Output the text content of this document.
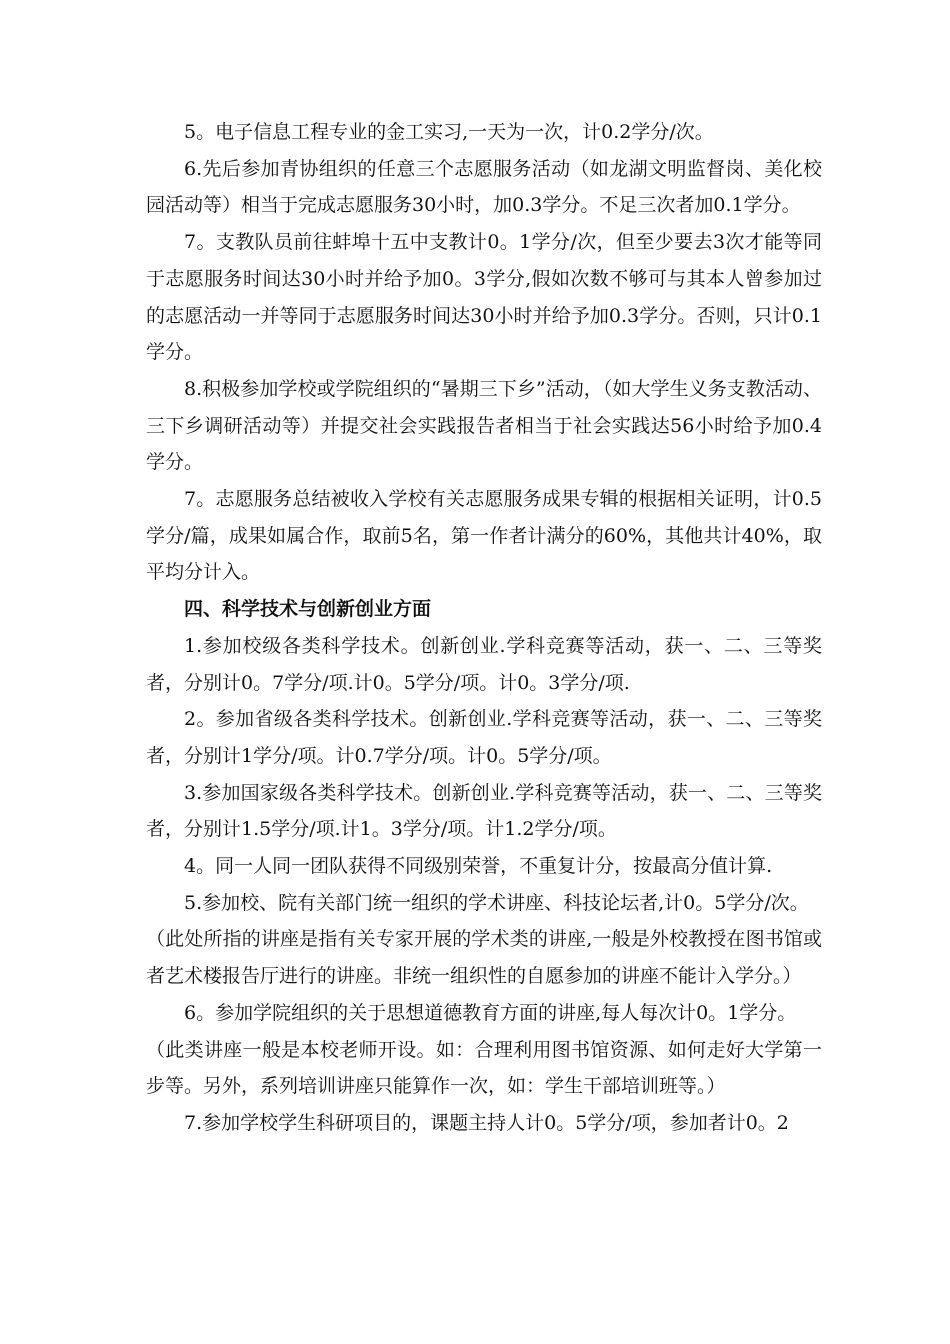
5。电子信息工程专业的金工实习,一天为一次，计0.2学分/次。

6.先后参加青协组织的任意三个志愿服务活动（如龙湖文明监督岗、美化校园活动等）相当于完成志愿服务30小时，加0.3学分。不足三次者加0.1学分。

7。支教队员前往蚌埠十五中支教计0。1学分/次，但至少要去3次才能等同于志愿服务时间达30小时并给予加0。3学分,假如次数不够可与其本人曾参加过的志愿活动一并等同于志愿服务时间达30小时并给予加0.3学分。否则，只计0.1学分。

8.积极参加学校或学院组织的“暑期三下乡”活动，（如大学生义务支教活动、三下乡调研活动等）并提交社会实践报告者相当于社会实践达56小时给予加0.4学分。

7。志愿服务总结被收入学校有关志愿服务成果专辑的根据相关证明，计0.5学分/篇，成果如属合作，取前5名，第一作者计满分的60%，其他共计40%，取平均分计入。

四、科学技术与创新创业方面

1.参加校级各类科学技术。创新创业.学科竞赛等活动，获一、二、三等奖者，分别计0。7学分/项.计0。5学分/项。计0。3学分/项.

2。参加省级各类科学技术。创新创业.学科竞赛等活动，获一、二、三等奖者，分别计1学分/项。计0.7学分/项。计0。5学分/项。

3.参加国家级各类科学技术。创新创业.学科竞赛等活动，获一、二、三等奖者，分别计1.5学分/项.计1。3学分/项。计1.2学分/项。

4。同一人同一团队获得不同级别荣誉，不重复计分，按最高分值计算.

5.参加校、院有关部门统一组织的学术讲座、科技论坛者,计0。5学分/次。

（此处所指的讲座是指有关专家开展的学术类的讲座,一般是外校教授在图书馆或者艺术楼报告厅进行的讲座。非统一组织性的自愿参加的讲座不能计入学分。）

6。参加学院组织的关于思想道德教育方面的讲座,每人每次计0。1学分。

（此类讲座一般是本校老师开设。如：合理利用图书馆资源、如何走好大学第一步等。另外，系列培训讲座只能算作一次，如：学生干部培训班等。）

7.参加学校学生科研项目的，课题主持人计0。5学分/项，参加者计0。2
